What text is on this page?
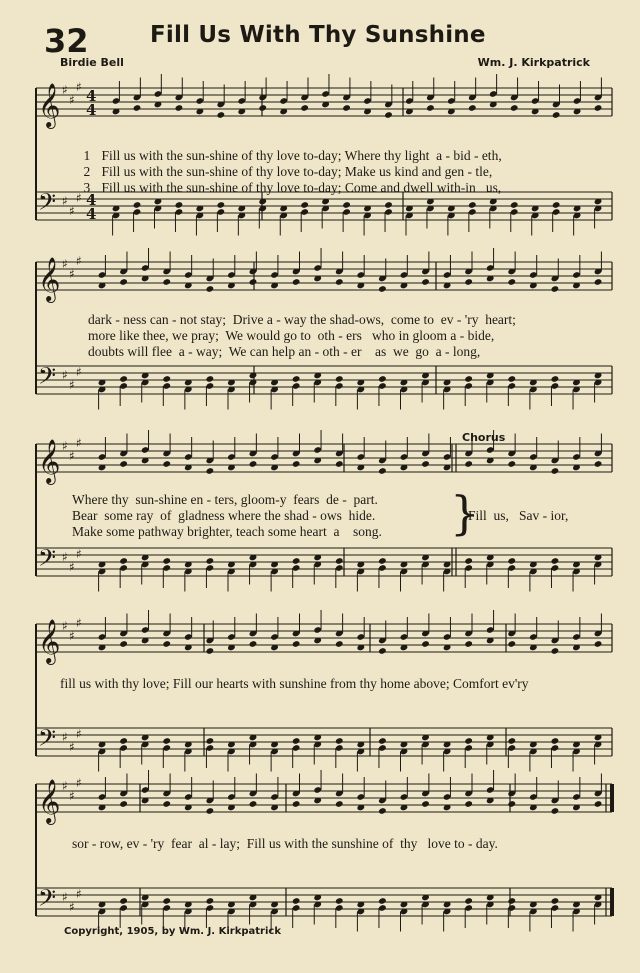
32	Fill Us With Thy Sunshine
Birdie Bell	Wm. J. Kirkpatrick
𝄞 ♯
♯
♯ 4
4
𝄢 ♯
♯
♯ 4
4
𝄞 ♯
♯
♯
𝄢 ♯
♯
♯
𝄞 ♯
♯
♯
𝄢 ♯
♯
♯
𝄞 ♯
♯
♯
𝄢 ♯
♯
♯
𝄞 ♯
♯
♯
𝄢 ♯
♯
♯

1 Fill us with the sun-shine of thy love to-day; Where thy light  a - bid - eth,

2 Fill us with the sun-shine of thy love to-day; Make us kind and gen - tle,

3 Fill us with the sun-shine of thy love to-day; Come and dwell with-in   us,

dark - ness can - not stay;  Drive a - way the shad-ows,  come to  ev - 'ry  heart;
more like thee, we pray;  We would go to  oth - ers   who in gloom a - bide,
doubts will flee  a - way;  We can help an - oth - er    as  we  go  a - long,
Chorus
Where thy  sun-shine en - ters, gloom-y  fears  de -  part.
Bear  some ray  of  gladness where the shad - ows  hide.
Make some pathway brighter, teach some heart  a    song. }
Fill  us,   Sav - ior,
fill us with thy love; Fill our hearts with sunshine from thy home above; Comfort ev'ry
sor - row, ev - 'ry  fear  al - lay;  Fill us with the sunshine of  thy   love to - day.
Copyright, 1905, by Wm. J. Kirkpatrick
